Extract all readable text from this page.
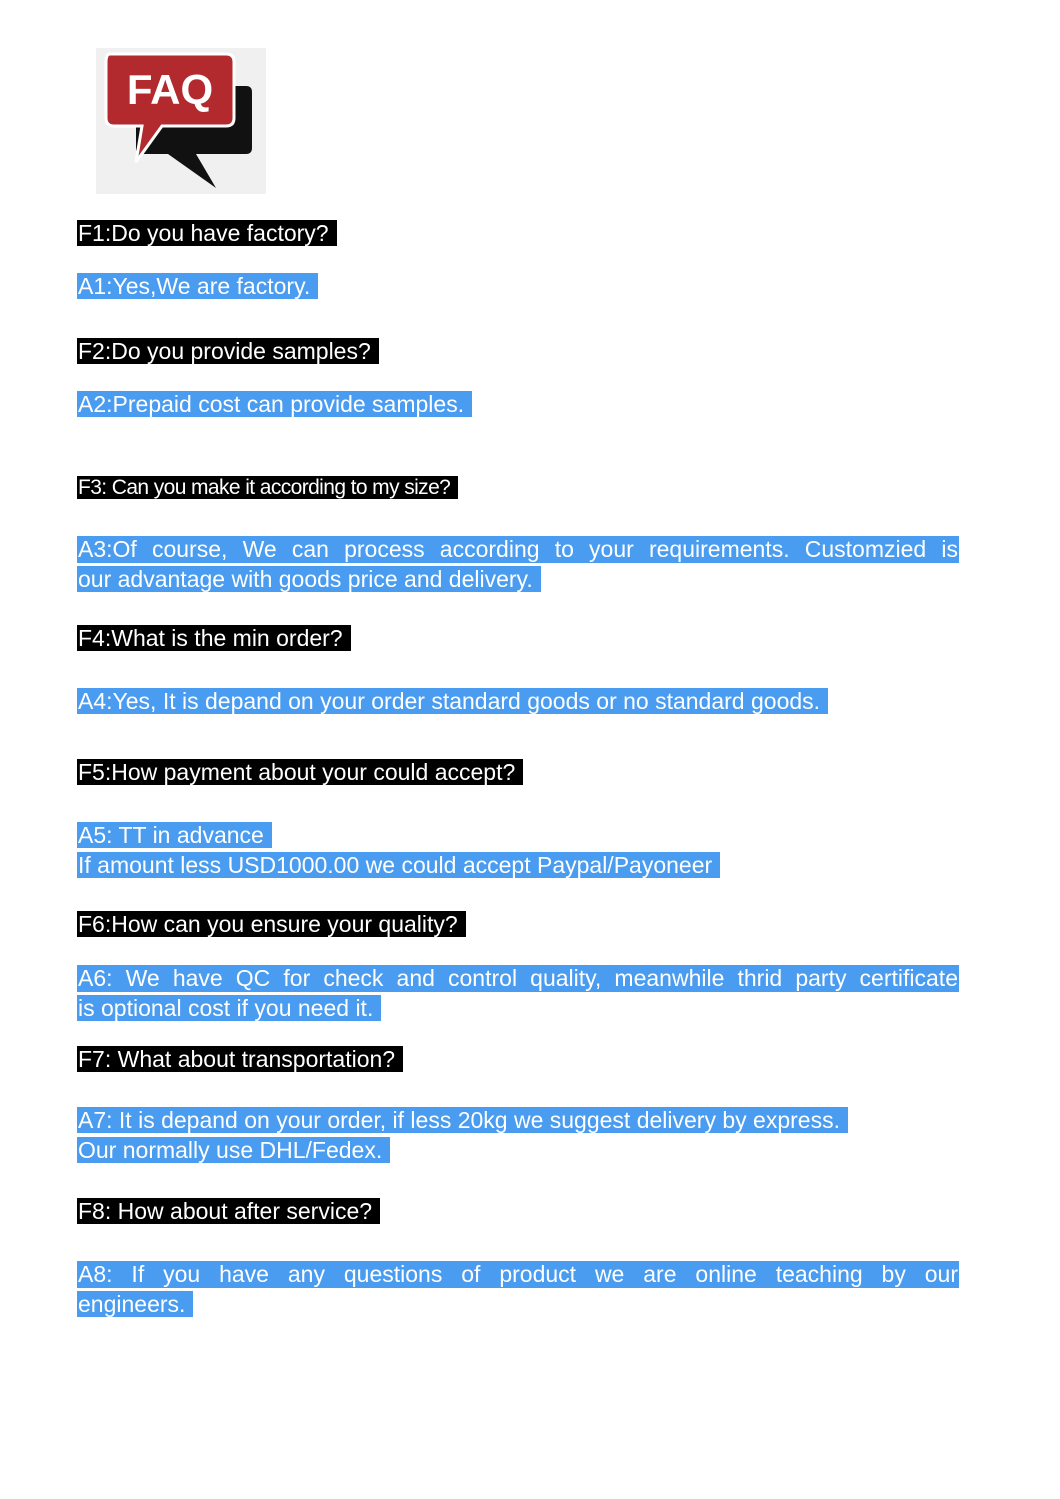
FAQ
F1:Do you have factory?
A1:Yes,We are factory.
F2:Do you provide samples?
A2:Prepaid cost can provide samples.
F3: Can you make it according to my size?
A3:Of course, We can process according to your requirements. Customzied is
our advantage with goods price and delivery.
F4:What is the min order?
A4:Yes, It is depand on your order standard goods or no standard goods.
F5:How payment about your could accept?
A5: TT in advance
If amount less USD1000.00 we could accept Paypal/Payoneer
F6:How can you ensure your quality?
A6: We have QC for check and control quality, meanwhile thrid party certificate
is optional cost if you need it.
F7: What about transportation?
A7: It is depand on your order, if less 20kg we suggest delivery by express.
Our normally use DHL/Fedex.
F8: How about after service?
A8: If you have any questions of product we are online teaching by our
engineers.
